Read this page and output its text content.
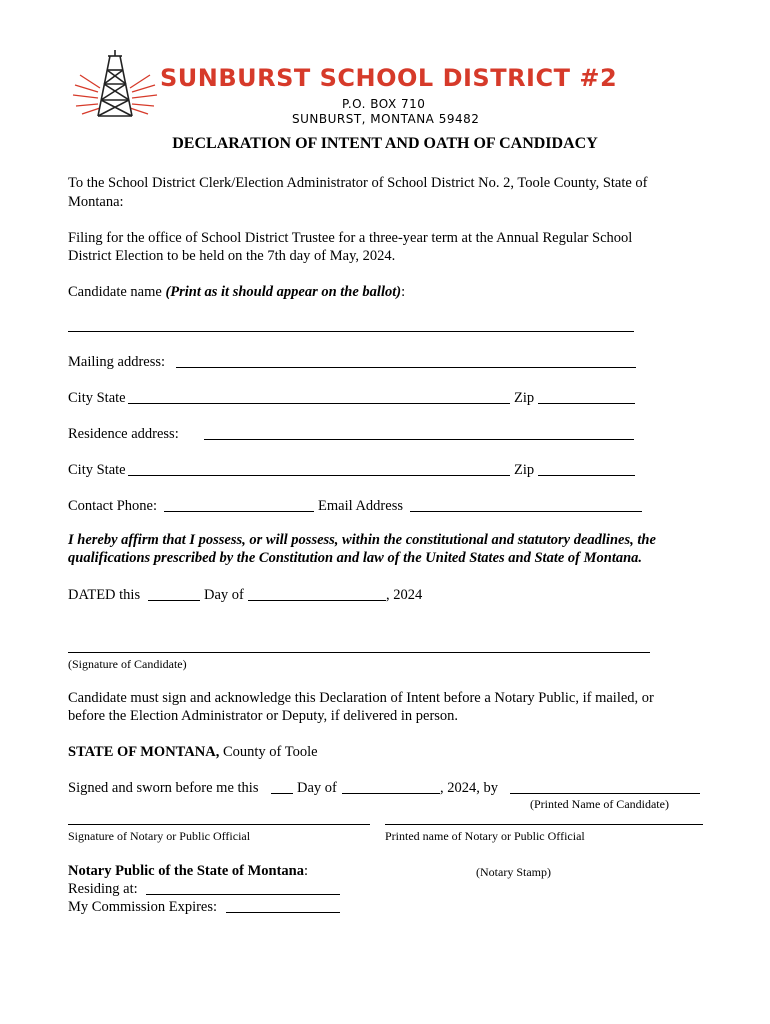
SUNBURST SCHOOL DISTRICT #2
P.O. BOX 710
SUNBURST, MONTANA 59482
DECLARATION OF INTENT AND OATH OF CANDIDACY
To the School District Clerk/Election Administrator of School District No. 2, Toole County, State of
Montana:
Filing for the office of School District Trustee for a three-year term at the Annual Regular School
District Election to be held on the 7th day of May, 2024.
Candidate name (Print as it should appear on the ballot):
Mailing address:
City State	Zip
Residence address:
City State	Zip
Contact Phone:	Email Address
I hereby affirm that I possess, or will possess, within the constitutional and statutory deadlines, the
qualifications prescribed by the Constitution and law of the United States and State of Montana.
DATED this	Day of	, 2024
(Signature of Candidate)
Candidate must sign and acknowledge this Declaration of Intent before a Notary Public, if mailed, or
before the Election Administrator or Deputy, if delivered in person.
STATE OF MONTANA, County of Toole
Signed and sworn before me this	Day of	, 2024, by
(Printed Name of Candidate)
Signature of Notary or Public Official	Printed name of Notary or Public Official
Notary Public of the State of Montana:
Residing at:
My Commission Expires:
(Notary Stamp)
